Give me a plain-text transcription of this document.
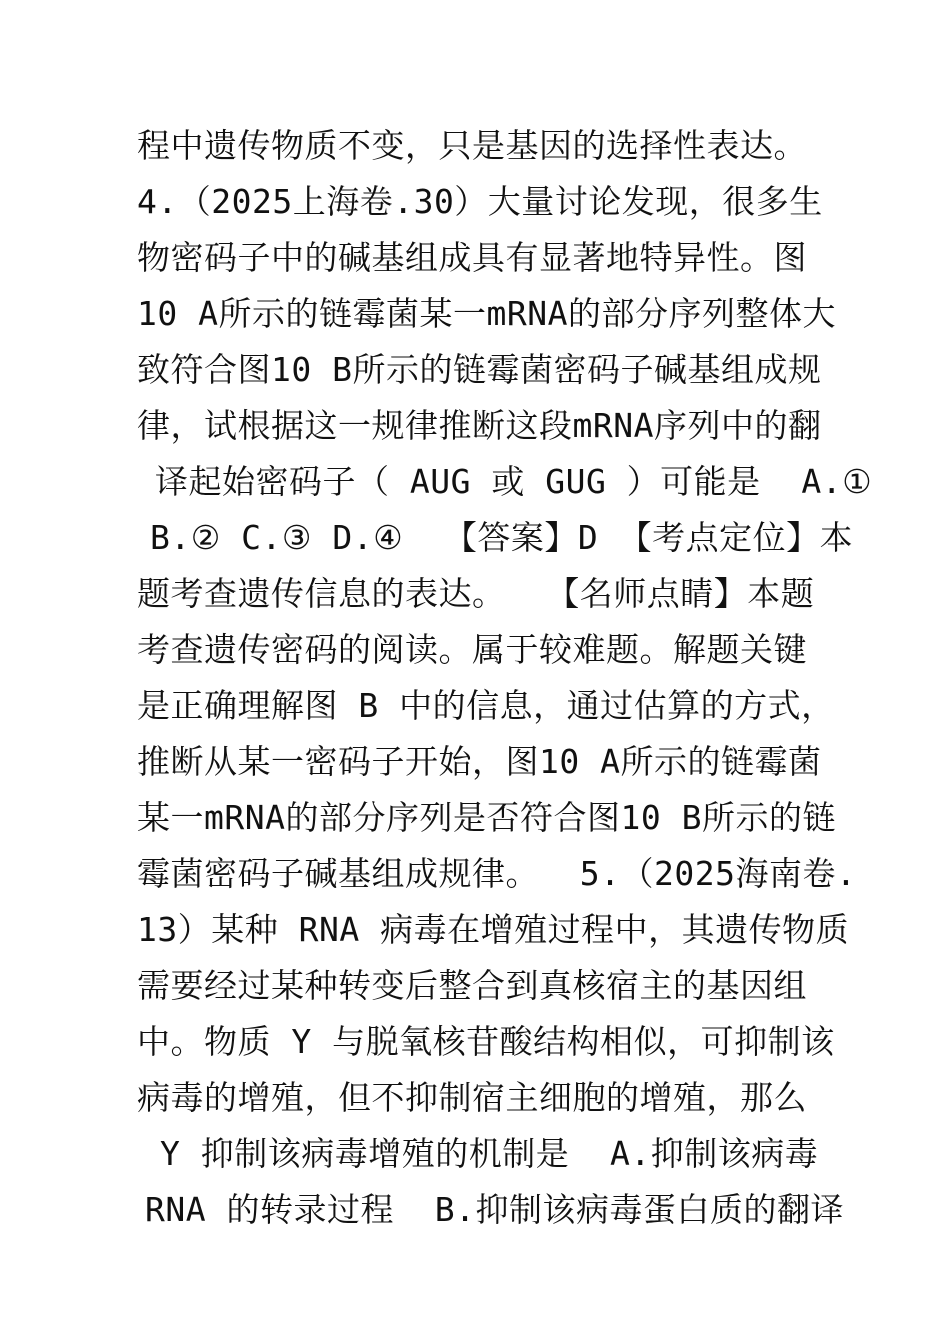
程中遗传物质不变，只是基因的选择性表达。
4.（2025上海卷.30）大量讨论发现，很多生
物密码子中的碱基组成具有显著地特异性。图
10 A所示的链霉菌某一mRNA的部分序列整体大
致符合图10 B所示的链霉菌密码子碱基组成规
律，试根据这一规律推断这段mRNA序列中的翻
译起始密码子（ AUG 或 GUG ）可能是  A.①
B.② C.③ D.④  【答案】D 【考点定位】本
题考查遗传信息的表达。  【名师点睛】本题
考查遗传密码的阅读。属于较难题。解题关键
是正确理解图 B 中的信息，通过估算的方式，
推断从某一密码子开始，图10 A所示的链霉菌
某一mRNA的部分序列是否符合图10 B所示的链
霉菌密码子碱基组成规律。  5.（2025海南卷.
13）某种 RNA 病毒在增殖过程中，其遗传物质
需要经过某种转变后整合到真核宿主的基因组
中。物质 Y 与脱氧核苷酸结构相似，可抑制该
病毒的增殖，但不抑制宿主细胞的增殖，那么
Y 抑制该病毒增殖的机制是  A.抑制该病毒
RNA 的转录过程  B.抑制该病毒蛋白质的翻译
